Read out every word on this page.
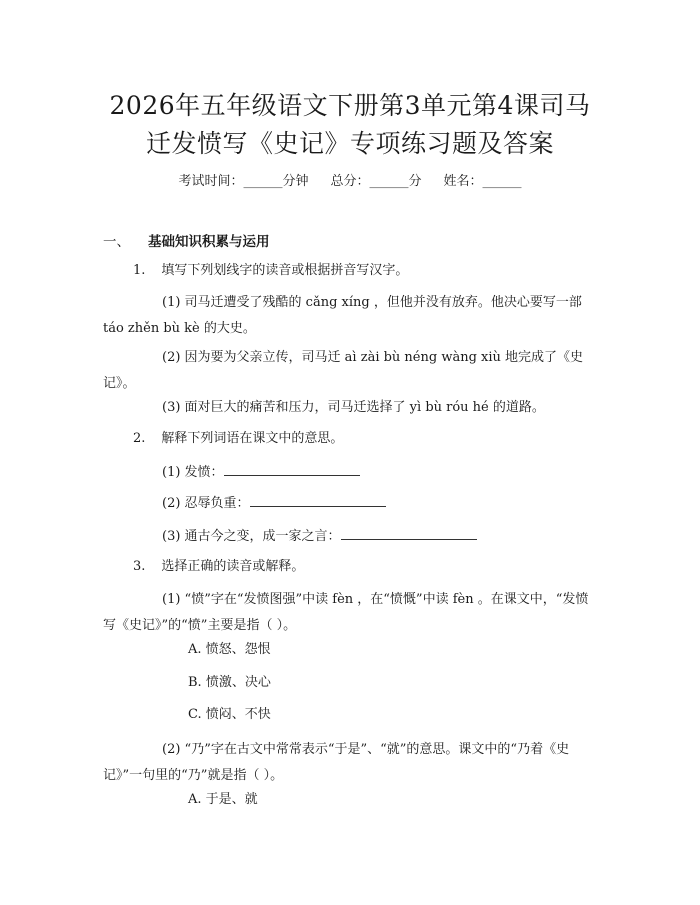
2026年五年级语文下册第3单元第4课司马
迁发愤写《史记》专项练习题及答案
考试时间：______分钟 总分：______分 姓名：______
一、 基础知识积累与运用
1. 填写下列划线字的读音或根据拼音写汉字。
(1) 司马迁遭受了残酷的 cǎng xíng ，但他并没有放弃。他决心要写一部 táo zhěn bù kè 的大史。
(2) 因为要为父亲立传，司马迁 aì zài bù néng wàng xiù 地完成了《史记》。
(3) 面对巨大的痛苦和压力，司马迁选择了 yì bù róu hé 的道路。
2. 解释下列词语在课文中的意思。
(1) 发愤：
(2) 忍辱负重：
(3) 通古今之变，成一家之言：
3. 选择正确的读音或解释。
(1) “愤”字在“发愤图强”中读 fèn ，在“愤慨”中读 fèn 。在课文中，“发愤写《史记》”的“愤”主要是指（ ）。
A. 愤怒、怨恨
B. 愤激、决心
C. 愤闷、不快
(2) “乃”字在古文中常常表示“于是”、“就”的意思。课文中的“乃着《史记》”一句里的“乃”就是指（ ）。
A. 于是、就
